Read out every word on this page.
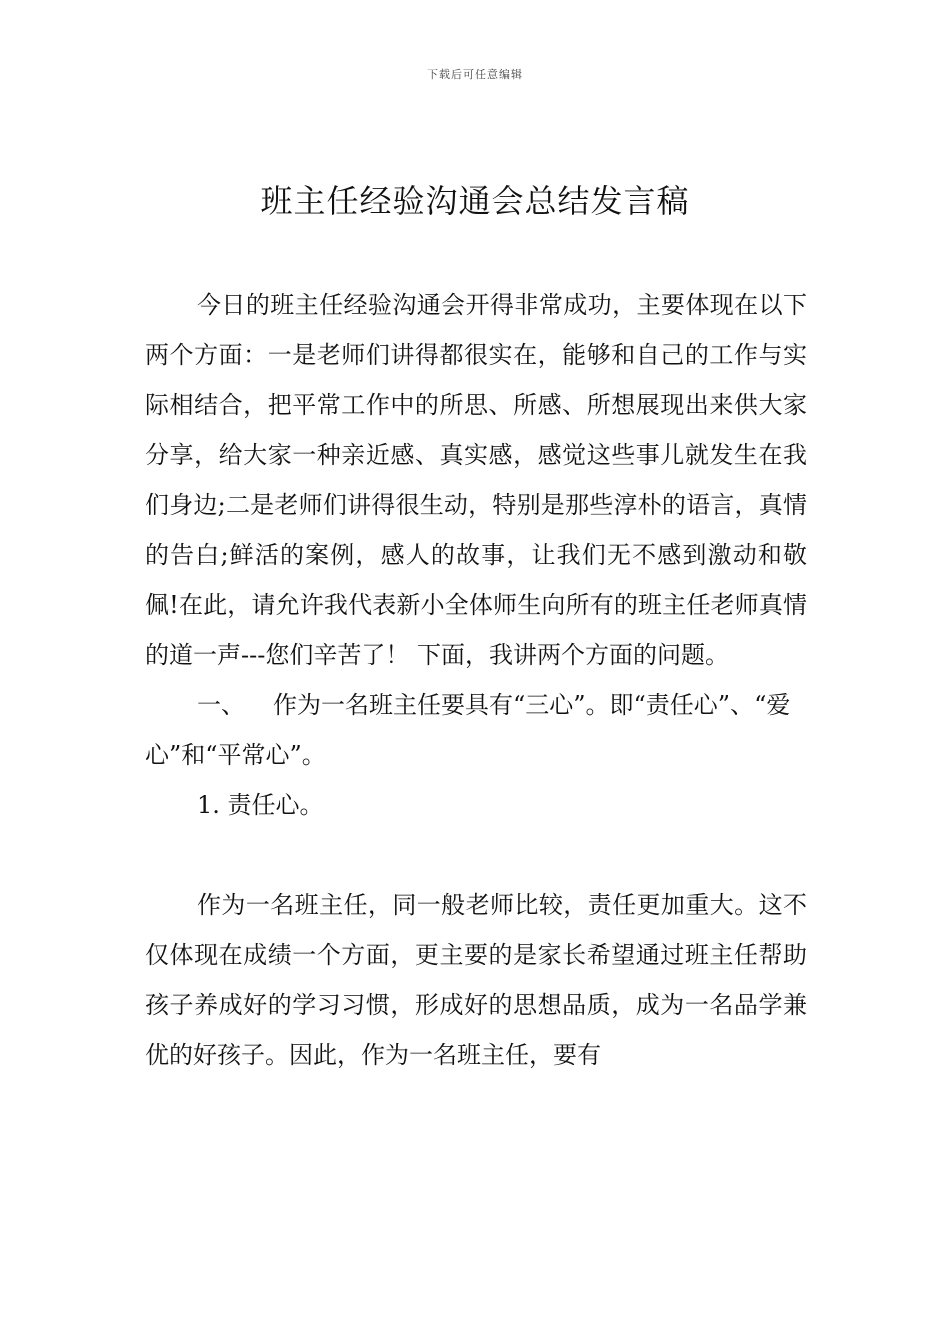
下载后可任意编辑
班主任经验沟通会总结发言稿

今日的班主任经验沟通会开得非常成功，主要体现在以下两个方面：一是老师们讲得都很实在，能够和自己的工作与实际相结合，把平常工作中的所思、所感、所想展现出来供大家分享，给大家一种亲近感、真实感，感觉这些事儿就发生在我们身边;二是老师们讲得很生动，特别是那些淳朴的语言，真情的告白;鲜活的案例，感人的故事，让我们无不感到激动和敬佩!在此，请允许我代表新小全体师生向所有的班主任老师真情的道一声---您们辛苦了！ 下面，我讲两个方面的问题。

一、 作为一名班主任要具有“三心”。即“责任心”、“爱心”和“平常心”。

1. 责任心。

作为一名班主任，同一般老师比较，责任更加重大。这不仅体现在成绩一个方面，更主要的是家长希望通过班主任帮助孩子养成好的学习习惯，形成好的思想品质，成为一名品学兼优的好孩子。因此，作为一名班主任，要有
